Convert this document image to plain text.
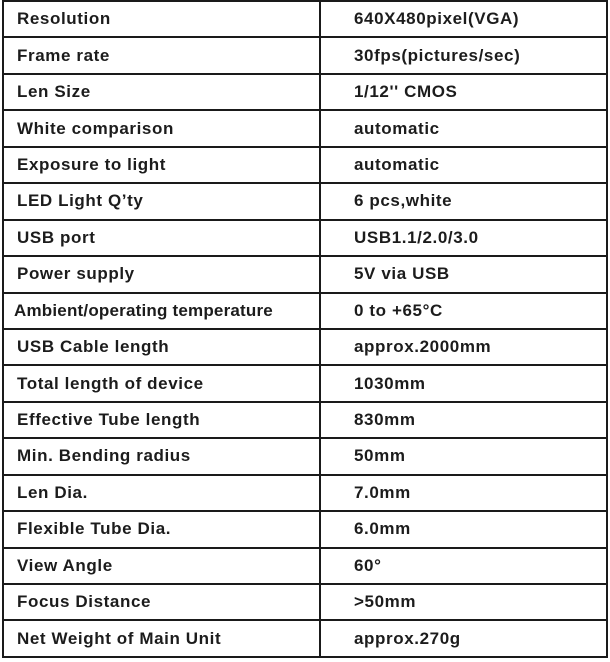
Resolution	640X480pixel(VGA)
Frame rate	30fps(pictures/sec)
Len Size	1/12'' CMOS
White comparison	automatic
Exposure to light	automatic
LED Light Q’ty	6 pcs,white
USB port	USB1.1/2.0/3.0
Power supply	5V via USB
Ambient/operating temperature	0 to +65°C
USB Cable length	approx.2000mm
Total length of device	1030mm
Effective Tube length	830mm
Min. Bending radius	50mm
Len Dia.	7.0mm
Flexible Tube Dia.	6.0mm
View Angle	60°
Focus Distance	>50mm
Net Weight of Main Unit	approx.270g
